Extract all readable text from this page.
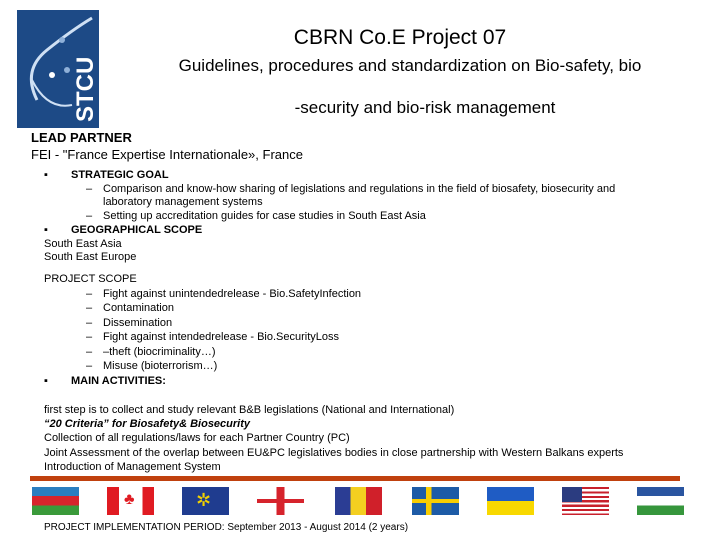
STCU
CBRN Co.E Project 07
Guidelines, procedures and standardization on Bio-safety, bio
-security and bio-risk management
LEAD PARTNER
FEI - "France Expertise Internationale», France
▪ STRATEGIC GOAL
– Comparison and know-how sharing of legislations and regulations in the field of biosafety, biosecurity and
laboratory management systems
– Setting up accreditation guides for case studies in South East Asia
▪ GEOGRAPHICAL SCOPE
South East Asia
South East Europe
PROJECT SCOPE
– Fight against unintendedrelease - Bio.SafetyInfection
– Contamination
– Dissemination
– Fight against intendedrelease - Bio.SecurityLoss
– –theft (biocriminality…)
– Misuse (bioterrorism…)
▪ MAIN ACTIVITIES:
first step is to collect and study relevant B&B legislations (National and International)
“20 Criteria” for Biosafety& Biosecurity
Collection of all regulations/laws for each Partner Country (PC)
Joint Assessment of the overlap between EU&PC legislatives bodies in close partnership with Western Balkans experts
Introduction of Management System
♣	✲
PROJECT IMPLEMENTATION PERIOD: September 2013 - August 2014 (2 years)
